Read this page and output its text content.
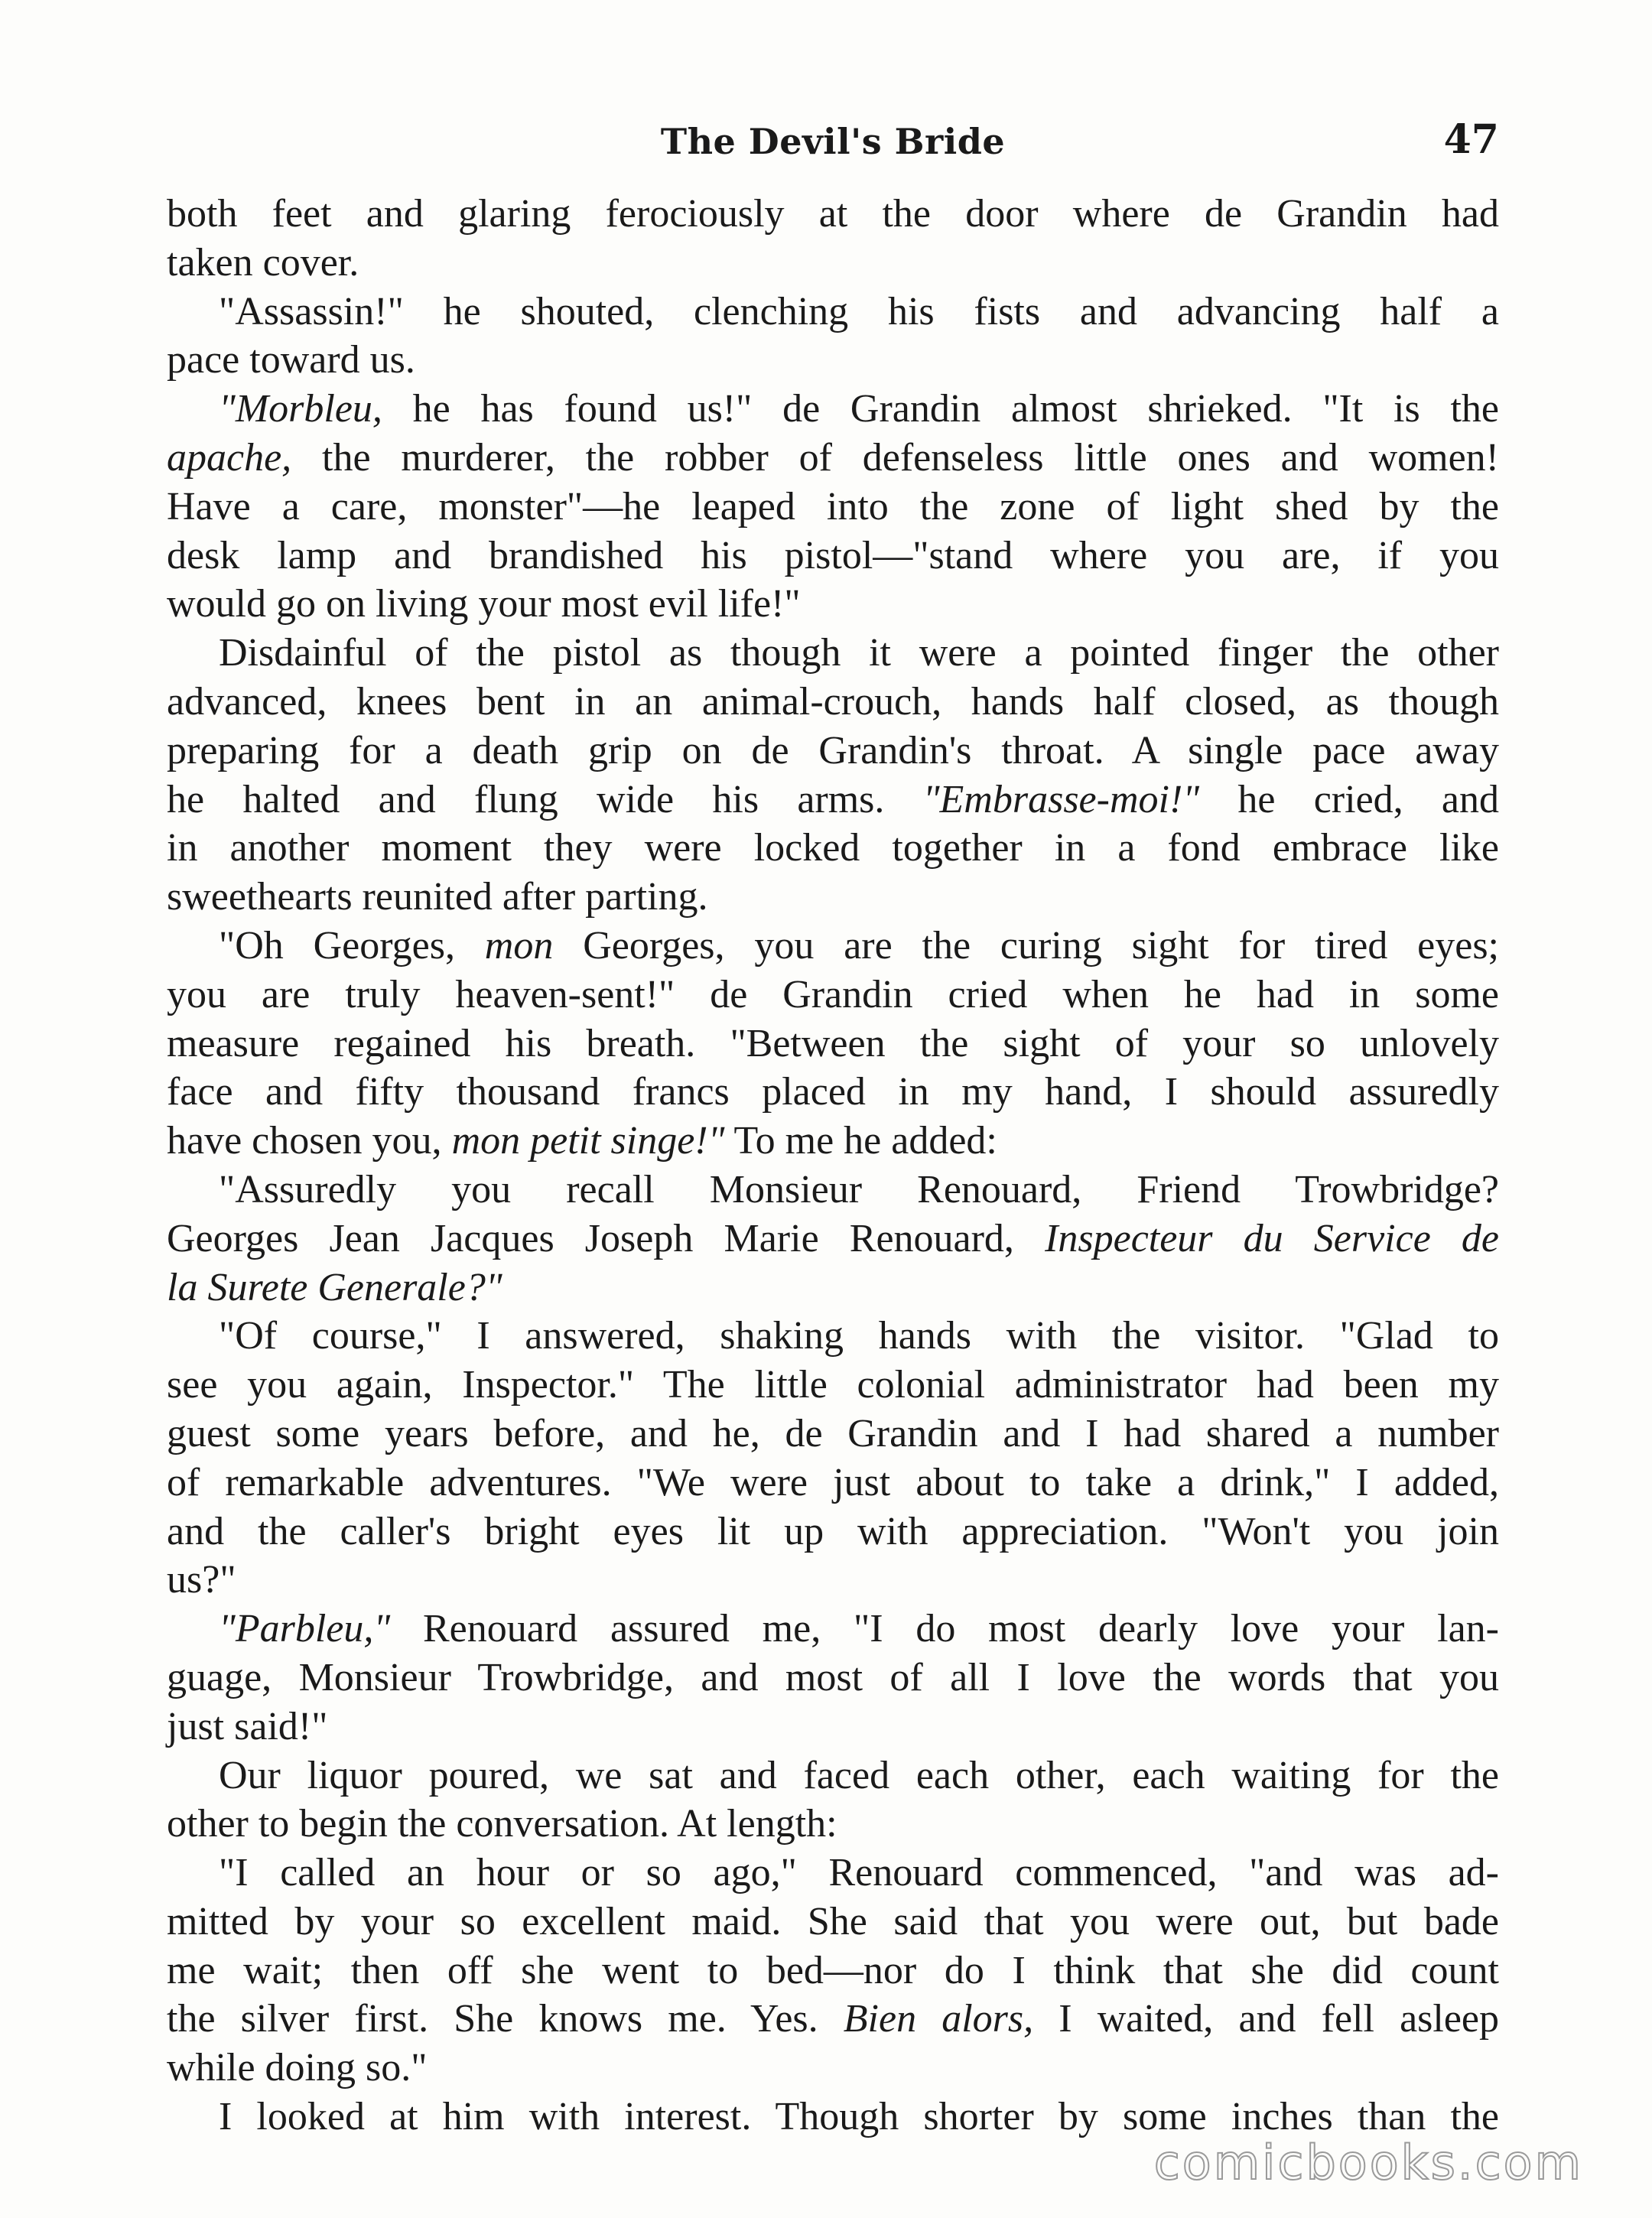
The Devil's Bride	47

both feet and glaring ferociously at the door where de Grandin had

taken cover.

"Assassin!" he shouted, clenching his fists and advancing half a

pace toward us.

"Morbleu, he has found us!" de Grandin almost shrieked. "It is the

apache, the murderer, the robber of defenseless little ones and women!

Have a care, monster"—he leaped into the zone of light shed by the

desk lamp and brandished his pistol—"stand where you are, if you

would go on living your most evil life!"

Disdainful of the pistol as though it were a pointed finger the other

advanced, knees bent in an animal-crouch, hands half closed, as though

preparing for a death grip on de Grandin's throat. A single pace away

he halted and flung wide his arms. "Embrasse-moi!" he cried, and

in another moment they were locked together in a fond embrace like

sweethearts reunited after parting.

"Oh Georges, mon Georges, you are the curing sight for tired eyes;

you are truly heaven-sent!" de Grandin cried when he had in some

measure regained his breath. "Between the sight of your so unlovely

face and fifty thousand francs placed in my hand, I should assuredly

have chosen you, mon petit singe!" To me he added:

"Assuredly you recall Monsieur Renouard, Friend Trowbridge?

Georges Jean Jacques Joseph Marie Renouard, Inspecteur du Service de

la Surete Generale?"

"Of course," I answered, shaking hands with the visitor. "Glad to

see you again, Inspector." The little colonial administrator had been my

guest some years before, and he, de Grandin and I had shared a number

of remarkable adventures. "We were just about to take a drink," I added,

and the caller's bright eyes lit up with appreciation. "Won't you join

us?"

"Parbleu," Renouard assured me, "I do most dearly love your lan-

guage, Monsieur Trowbridge, and most of all I love the words that you

just said!"

Our liquor poured, we sat and faced each other, each waiting for the

other to begin the conversation. At length:

"I called an hour or so ago," Renouard commenced, "and was ad-

mitted by your so excellent maid. She said that you were out, but bade

me wait; then off she went to bed—nor do I think that she did count

the silver first. She knows me. Yes. Bien alors, I waited, and fell asleep

while doing so."

I looked at him with interest. Though shorter by some inches than the

comicbooks.com
